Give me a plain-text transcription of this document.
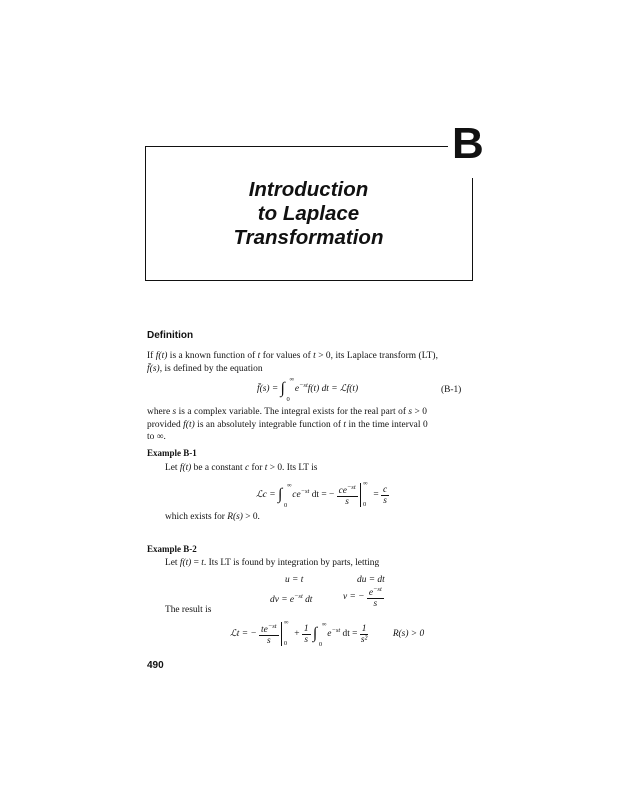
B
Introduction
to Laplace
Transformation
Definition
If f(t) is a known function of t for values of t > 0, its Laplace transform (LT),
f̄(s), is defined by the equation
f̄(s) = ∫
∞
0
$e^{-st}f(t)$ dt = ℒf(t)	(B-1)
where s is a complex variable. The integral exists for the real part of s > 0
provided f(t) is an absolutely integrable function of t in the time interval 0
to ∞.
Example B-1
Let f(t) be a constant c for t > 0. Its LT is
ℒc = ∫
∞
0
$ce^{-st}$ dt = − $\frac{ce^{-st}}{s}$
∞
0
= $\frac{c}{s}$
which exists for R(s) > 0.
Example B-2
Let f(t) = t. Its LT is found by integration by parts, letting
u = t	du = dt
dv = $e^{-st}$ dt	v = − $\frac{e^{-st}}{s}$
The result is
ℒt = − $\frac{te^{-st}}{s}$
∞
0
+ $\frac{1}{s}$ ∫
∞
0
$e^{-st}$ dt = $\frac{1}{\text{s²}}$	R(s) > 0
490
